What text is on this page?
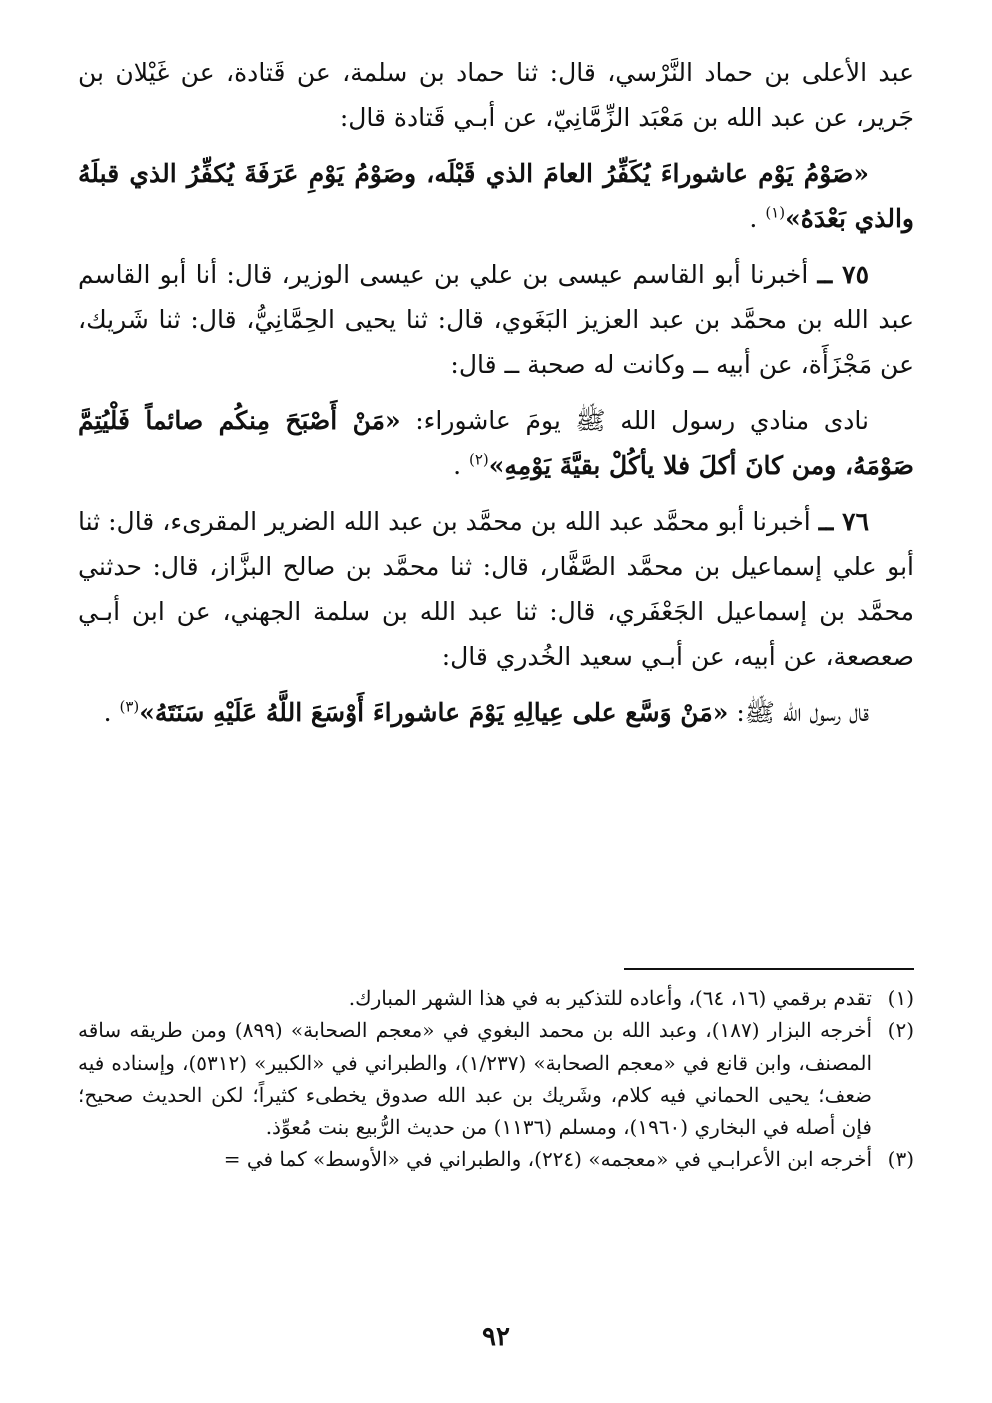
عبد الأعلى بن حماد النَّرْسي، قال: ثنا حماد بن سلمة، عن قَتادة، عن غَيْلان بن جَرير، عن عبد الله بن مَعْبَد الزِّمَّانِيّ، عن أبـي قَتادة قال:

«صَوْمُ يَوْم عاشوراءَ يُكَفِّرُ العامَ الذي قَبْلَه، وصَوْمُ يَوْمِ عَرَفَةَ يُكفِّرُ الذي قبلَهُ والذي بَعْدَهُ»$^{(١)}$ .

٧٥ ــ أخبرنا أبو القاسم عيسى بن علي بن عيسى الوزير، قال: أنا أبو القاسم عبد الله بن محمَّد بن عبد العزيز البَغَوي، قال: ثنا يحيى الحِمَّانِيُّ، قال: ثنا شَريك، عن مَجْزَأَة، عن أبيه ــ وكانت له صحبة ــ قال:

نادى منادي رسول الله ﷺ يومَ عاشوراء: «مَنْ أَصْبَحَ مِنكُم صائماً فَلْيُتِمَّ صَوْمَهُ، ومن كانَ أكلَ فلا يأكُلْ بقيَّةَ يَوْمِهِ»$^{(٢)}$ .

٧٦ ــ أخبرنا أبو محمَّد عبد الله بن محمَّد بن عبد الله الضرير المقرىء، قال: ثنا أبو علي إسماعيل بن محمَّد الصَّفَّار، قال: ثنا محمَّد بن صالح البزَّاز، قال: حدثني محمَّد بن إسماعيل الجَعْفَري، قال: ثنا عبد الله بن سلمة الجهني، عن ابن أبـي صعصعة، عن أبيه، عن أبـي سعيد الخُدري قال:

قال رسول الله ﷺ: «مَنْ وَسَّع على عِيالِهِ يَوْمَ عاشوراءَ أَوْسَعَ اللَّهُ عَلَيْهِ سَنَتَهُ»$^{(٣)}$ .

(١)
تقدم برقمي (١٦، ٦٤)، وأعاده للتذكير به في هذا الشهر المبارك.
(٢)
أخرجه البزار (١٨٧)، وعبد الله بن محمد البغوي في «معجم الصحابة» (٨٩٩) ومن طريقه ساقه المصنف، وابن قانع في «معجم الصحابة» (١/٢٣٧)، والطبراني في «الكبير» (٥٣١٢)، وإسناده فيه ضعف؛ يحيى الحماني فيه كلام، وشَريك بن عبد الله صدوق يخطىء كثيراً؛ لكن الحديث صحيح؛ فإن أصله في البخاري (١٩٦٠)، ومسلم (١١٣٦) من حديث الرُّبيع بنت مُعوِّذ.
(٣)
أخرجه ابن الأعرابـي في «معجمه» (٢٢٤)، والطبراني في «الأوسط» كما في =
٩٢
